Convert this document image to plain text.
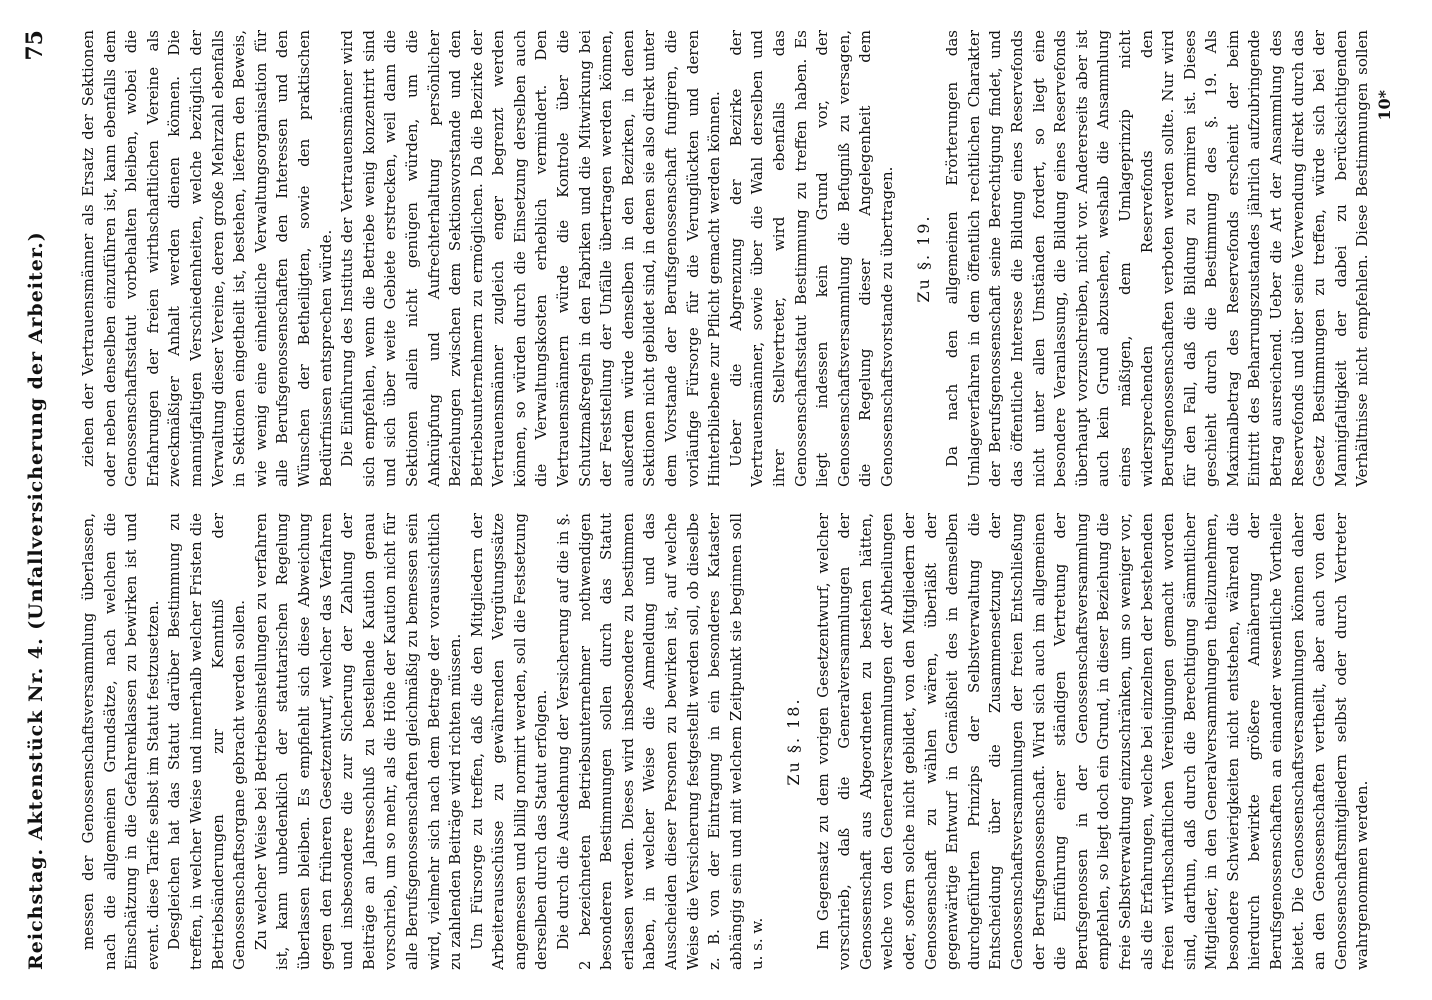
Reichstag. Aktenstück Nr. 4. (Unfallversicherung der Arbeiter.)
75

messen der Genossenschaftsversammlung überlassen, nach die allgemeinen Grundsätze, nach welchen die Einschätzung in die Gefahrenklassen zu bewirken ist und event. diese Tarife selbst im Statut festzusetzen. Desgleichen hat das Statut darüber Bestimmung zu treffen, in welcher Weise und innerhalb welcher Fristen die Betriebsänderungen zur Kenntniß der Genossenschaftsorgane gebracht werden sollen. Zu welcher Weise bei Betriebseinstellungen zu verfahren ist, kann unbedenklich der statutarischen Regelung überlassen bleiben. Es empfiehlt sich diese Abweichung gegen den früheren Gesetzentwurf, welcher das Verfahren und insbesondere die zur Sicherung der Zahlung der Beiträge an Jahresschluß zu bestellende Kaution genau vorschrieb, um so mehr, als die Höhe der Kaution nicht für alle Berufsgenossenschaften gleichmäßig zu bemessen sein wird, vielmehr sich nach dem Betrage der voraussichtlich zu zahlenden Beiträge wird richten müssen. Um Fürsorge zu treffen, daß die den Mitgliedern der Arbeiterausschüsse zu gewährenden Vergütungssätze angemessen und billig normirt werden, soll die Festsetzung derselben durch das Statut erfolgen. Die durch die Ausdehnung der Versicherung auf die in §. 2 bezeichneten Betriebsunternehmer nothwendigen besonderen Bestimmungen sollen durch das Statut erlassen werden. Dieses wird insbesondere zu bestimmen haben, in welcher Weise die Anmeldung und das Ausscheiden dieser Personen zu bewirken ist, auf welche Weise die Versicherung festgestellt werden soll, ob dieselbe z. B. von der Eintragung in ein besonderes Kataster abhängig sein und mit welchem Zeitpunkt sie beginnen soll u. s. w.

Zu §. 18. Im Gegensatz zu dem vorigen Gesetzentwurf, welcher vorschrieb, daß die Generalversammlungen der Genossenschaft aus Abgeordneten zu bestehen hätten, welche von den Generalversammlungen der Abtheilungen oder, sofern solche nicht gebildet, von den Mitgliedern der Genossenschaft zu wählen wären, überläßt der gegenwärtige Entwurf in Gemäßheit des in demselben durchgeführten Prinzips der Selbstverwaltung die Entscheidung über die Zusammensetzung der Genossenschaftsversammlungen der freien Entschließung der Berufsgenossenschaft. Wird sich auch im allgemeinen die Einführung einer ständigen Vertretung der Berufsgenossen in der Genossenschaftsversammlung empfehlen, so liegt doch ein Grund, in dieser Beziehung die freie Selbstverwaltung einzuschränken, um so weniger vor, als die Erfahrungen, welche bei einzelnen der bestehenden freien wirthschaftlichen Vereinigungen gemacht worden sind, darthun, daß durch die Berechtigung sämmtlicher Mitglieder, in den Generalversammlungen theilzunehmen, besondere Schwierigkeiten nicht entstehen, während die hierdurch bewirkte größere Annäherung der Berufsgenossenschaften an einander wesentliche Vortheile bietet. Die Genossenschaftsversammlungen können daher an den Genossenschaften vertheilt, aber auch von den Genossenschaftsmitgliedern selbst oder durch Vertreter wahrgenommen werden.

ziehen der Vertrauensmänner als Ersatz der Sektionen oder neben denselben einzuführen ist, kann ebenfalls dem Genossenschaftsstatut vorbehalten bleiben, wobei die Erfahrungen der freien wirthschaftlichen Vereine als zweckmäßiger Anhalt werden dienen können. Die mannigfaltigen Verschiedenheiten, welche bezüglich der Verwaltung dieser Vereine, deren große Mehrzahl ebenfalls in Sektionen eingetheilt ist, bestehen, liefern den Beweis, wie wenig eine einheitliche Verwaltungsorganisation für alle Berufsgenossenschaften den Interessen und den Wünschen der Betheiligten, sowie den praktischen Bedürfnissen entsprechen würde. Die Einführung des Instituts der Vertrauensmänner wird sich empfehlen, wenn die Betriebe wenig konzentrirt sind und sich über weite Gebiete erstrecken, weil dann die Sektionen allein nicht genügen würden, um die Anknüpfung und Aufrechterhaltung persönlicher Beziehungen zwischen dem Sektionsvorstande und den Betriebsunternehmern zu ermöglichen. Da die Bezirke der Vertrauensmänner zugleich enger begrenzt werden können, so würden durch die Einsetzung derselben auch die Verwaltungskosten erheblich vermindert. Den Vertrauensmännern würde die Kontrole über die Schutzmaßregeln in den Fabriken und die Mitwirkung bei der Feststellung der Unfälle übertragen werden können, außerdem würde denselben in den Bezirken, in denen Sektionen nicht gebildet sind, in denen sie also direkt unter dem Vorstande der Berufsgenossenschaft fungiren, die vorläufige Fürsorge für die Verunglückten und deren Hinterbliebene zur Pflicht gemacht werden können. Ueber die Abgrenzung der Bezirke der Vertrauensmänner, sowie über die Wahl derselben und ihrer Stellvertreter, wird ebenfalls das Genossenschaftsstatut Bestimmung zu treffen haben. Es liegt indessen kein Grund vor, der Genossenschaftsversammlung die Befugniß zu versagen, die Regelung dieser Angelegenheit dem Genossenschaftsvorstande zu übertragen. Zu §. 19.

Da nach den allgemeinen Erörterungen das Umlageverfahren in dem öffentlich rechtlichen Charakter der Berufsgenossenschaft seine Berechtigung findet, und das öffentliche Interesse die Bildung eines Reservefonds nicht unter allen Umständen fordert, so liegt eine besondere Veranlassung, die Bildung eines Reservefonds überhaupt vorzuschreiben, nicht vor. Andererseits aber ist auch kein Grund abzusehen, weshalb die Ansammlung eines mäßigen, dem Umlageprinzip nicht widersprechenden Reservefonds den Berufsgenossenschaften verboten werden sollte. Nur wird für den Fall, daß die Bildung zu normiren ist. Dieses geschieht durch die Bestimmung des §. 19. Als Maximalbetrag des Reservefonds erscheint der beim Eintritt des Beharrungszustandes jährlich aufzubringende Betrag ausreichend. Ueber die Art der Ansammlung des Reservefonds und über seine Verwendung direkt durch das Gesetz Bestimmungen zu treffen, würde sich bei der Mannigfaltigkeit der dabei zu berücksichtigenden Verhältnisse nicht empfehlen. Diese Bestimmungen sollen

10*
